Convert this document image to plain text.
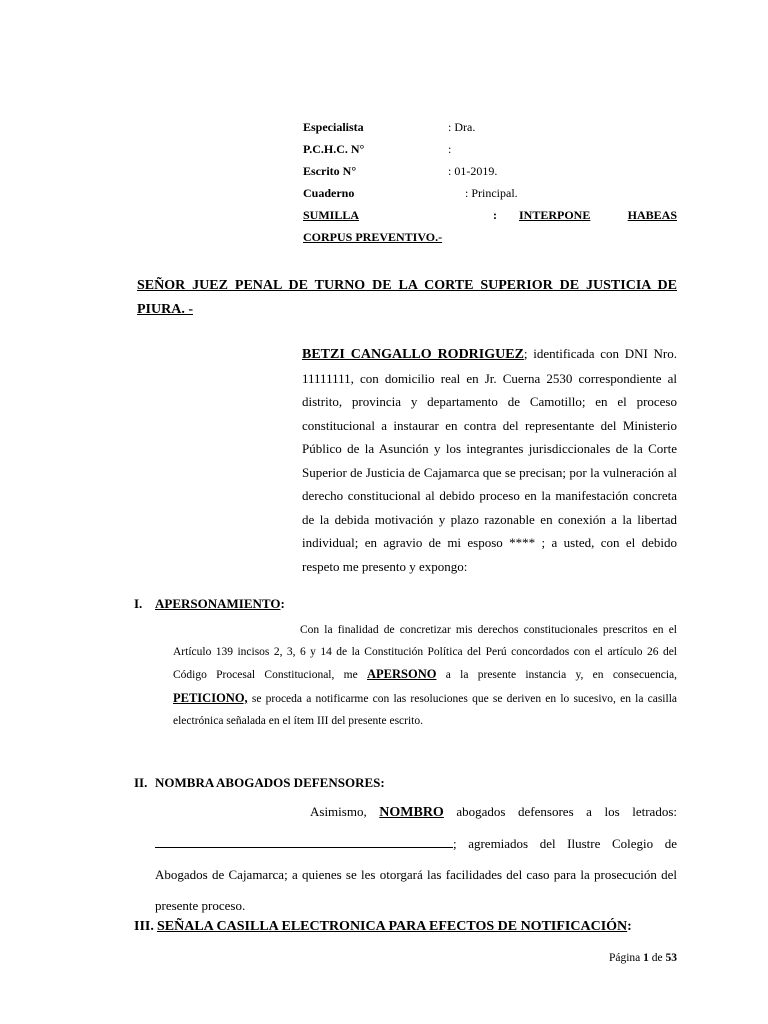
Especialista	: Dra.
P.C.H.C. N°	:
Escrito N°	: 01-2019.
Cuaderno	: Principal.
SUMILLA	: INTERPONE	HABEAS
CORPUS PREVENTIVO.-
SEÑOR JUEZ PENAL DE TURNO DE LA CORTE SUPERIOR DE JUSTICIA DE PIURA. -
BETZI CANGALLO RODRIGUEZ; identificada con DNI Nro. 11111111, con domicilio real en Jr. Cuerna 2530 correspondiente al distrito, provincia y departamento de Camotillo; en el proceso constitucional a instaurar en contra del representante del Ministerio Público de la Asunción y los integrantes jurisdiccionales de la Corte Superior de Justicia de Cajamarca que se precisan; por la vulneración al derecho constitucional al debido proceso en la manifestación concreta de la debida motivación y plazo razonable en conexión a la libertad individual; en agravio de mi esposo **** ; a usted, con el debido respeto me presento y expongo:
I. APERSONAMIENTO:
Con la finalidad de concretizar mis derechos constitucionales prescritos en el Artículo 139 incisos 2, 3, 6 y 14 de la Constitución Política del Perú concordados con el artículo 26 del Código Procesal Constitucional, me APERSONO a la presente instancia y, en consecuencia, PETICIONO, se proceda a notificarme con las resoluciones que se deriven en lo sucesivo, en la casilla electrónica señalada en el ítem III del presente escrito.
II. NOMBRA ABOGADOS DEFENSORES:
Asimismo, NOMBRO abogados defensores a los letrados: ; agremiados del Ilustre Colegio de Abogados de Cajamarca; a quienes se les otorgará las facilidades del caso para la prosecución del presente proceso.
III. SEÑALA CASILLA ELECTRONICA PARA EFECTOS DE NOTIFICACIÓN:
Página 1 de 53
